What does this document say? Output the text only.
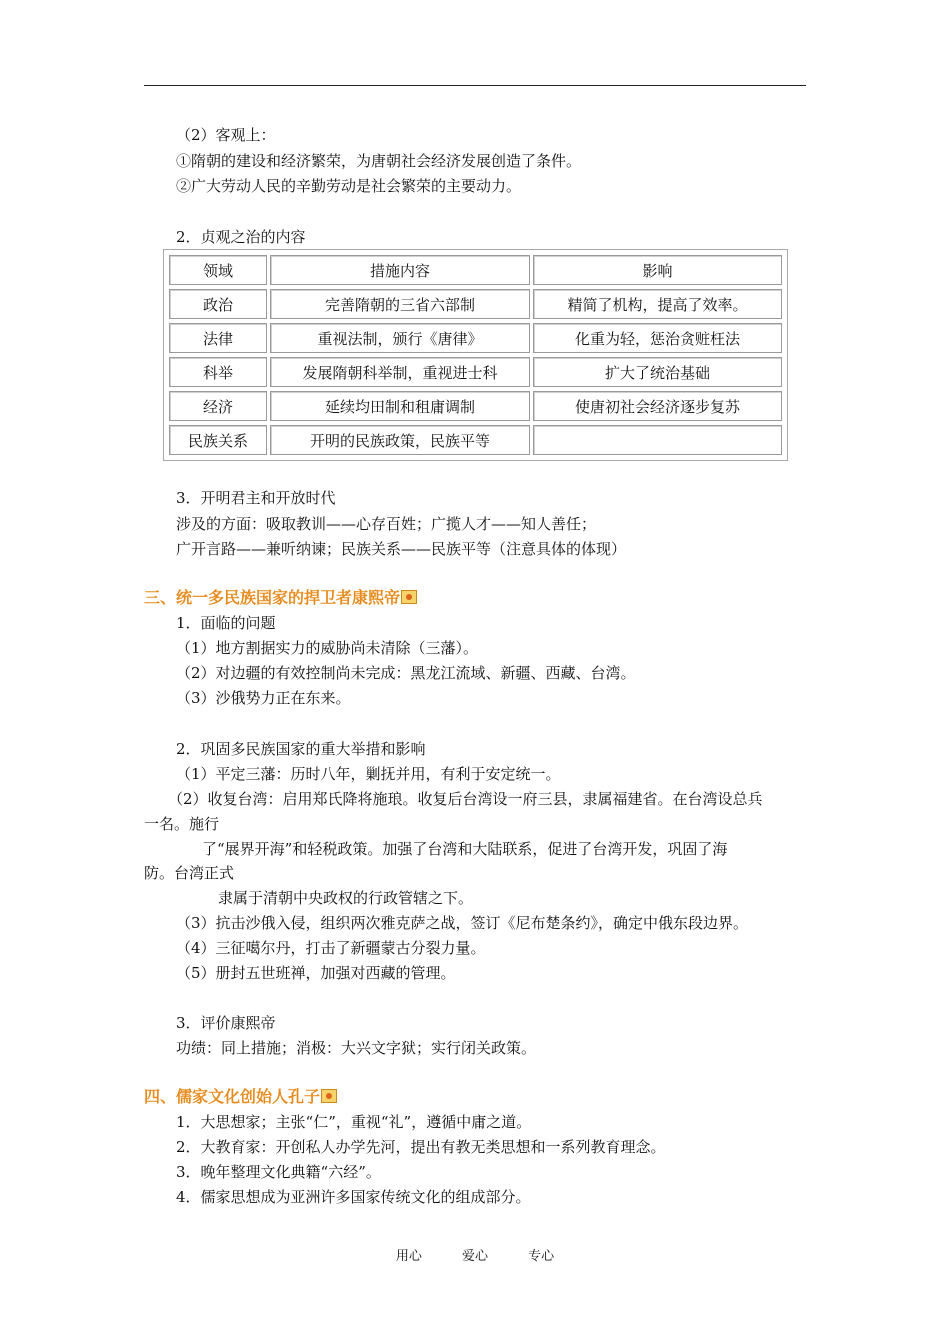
（2）客观上：
①隋朝的建设和经济繁荣，为唐朝社会经济发展创造了条件。
②广大劳动人民的辛勤劳动是社会繁荣的主要动力。
2．贞观之治的内容
领域	措施内容	影响
政治	完善隋朝的三省六部制	精简了机构，提高了效率。
法律	重视法制，颁行《唐律》	化重为轻，惩治贪赃枉法
科举	发展隋朝科举制，重视进士科	扩大了统治基础
经济	延续均田制和租庸调制	使唐初社会经济逐步复苏
民族关系	开明的民族政策，民族平等
3．开明君主和开放时代
涉及的方面：吸取教训——心存百姓；广揽人才——知人善任；
广开言路——兼听纳谏；民族关系——民族平等（注意具体的体现）
三、统一多民族国家的捍卫者康熙帝
1．面临的问题
（1）地方割据实力的威胁尚未清除（三藩）。
（2）对边疆的有效控制尚未完成：黑龙江流域、新疆、西藏、台湾。
（3）沙俄势力正在东来。
2．巩固多民族国家的重大举措和影响
（1）平定三藩：历时八年，剿抚并用，有利于安定统一。
（2）收复台湾：启用郑氏降将施琅。收复后台湾设一府三县，隶属福建省。在台湾设总兵
一名。施行
了“展界开海”和轻税政策。加强了台湾和大陆联系，促进了台湾开发，巩固了海
防。台湾正式
隶属于清朝中央政权的行政管辖之下。
（3）抗击沙俄入侵，组织两次雅克萨之战，签订《尼布楚条约》，确定中俄东段边界。
（4）三征噶尔丹，打击了新疆蒙古分裂力量。
（5）册封五世班禅，加强对西藏的管理。
3．评价康熙帝
功绩：同上措施；消极：大兴文字狱；实行闭关政策。
四、儒家文化创始人孔子
1．大思想家；主张“仁”，重视“礼”，遵循中庸之道。
2．大教育家：开创私人办学先河，提出有教无类思想和一系列教育理念。
3．晚年整理文化典籍“六经”。
4．儒家思想成为亚洲许多国家传统文化的组成部分。
用心	爱心	专心
